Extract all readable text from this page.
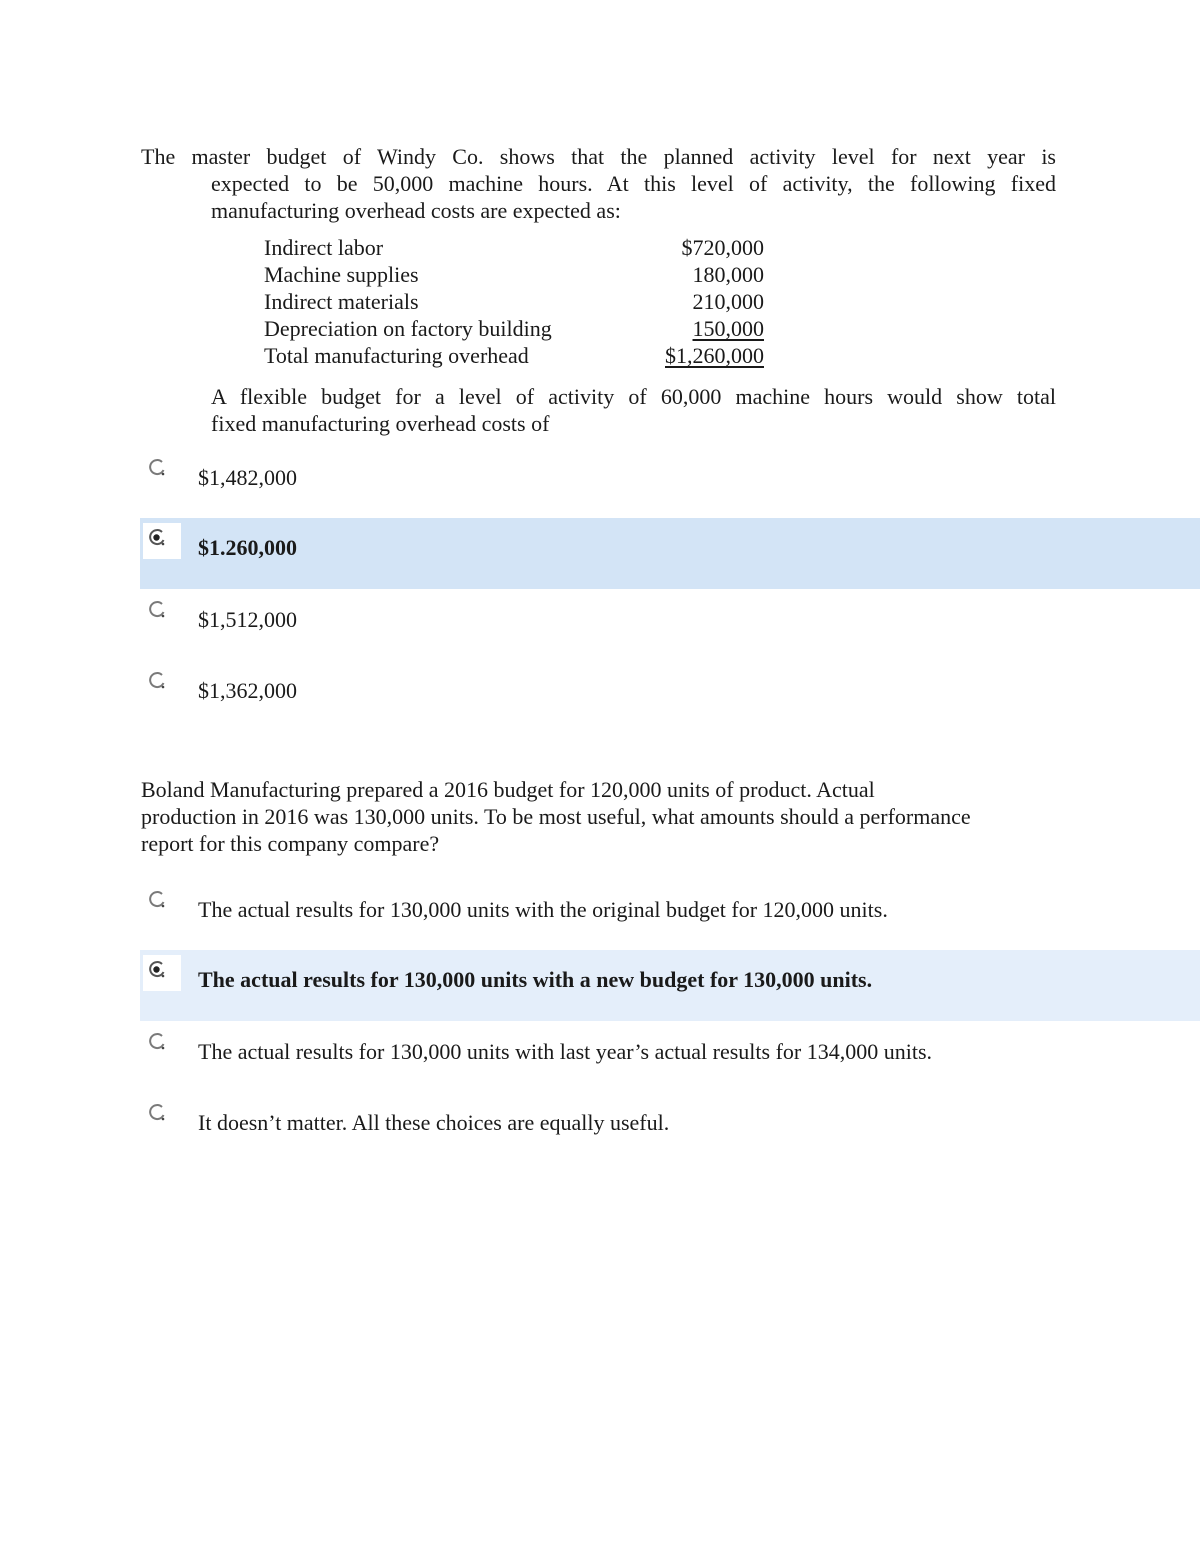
The master budget of Windy Co. shows that the planned activity level for next year is
expected to be 50,000 machine hours. At this level of activity, the following fixed
manufacturing overhead costs are expected as:
Indirect labor	$720,000
Machine supplies	180,000
Indirect materials	210,000
Depreciation on factory building	150,000
Total manufacturing overhead	$1,260,000
A flexible budget for a level of activity of 60,000 machine hours would show total
fixed manufacturing overhead costs of
$1,482,000
$1.260,000
$1,512,000
$1,362,000
Boland Manufacturing prepared a 2016 budget for 120,000 units of product. Actual
production in 2016 was 130,000 units. To be most useful, what amounts should a performance
report for this company compare?
The actual results for 130,000 units with the original budget for 120,000 units.
The actual results for 130,000 units with a new budget for 130,000 units.
The actual results for 130,000 units with last year’s actual results for 134,000 units.
It doesn’t matter. All these choices are equally useful.
